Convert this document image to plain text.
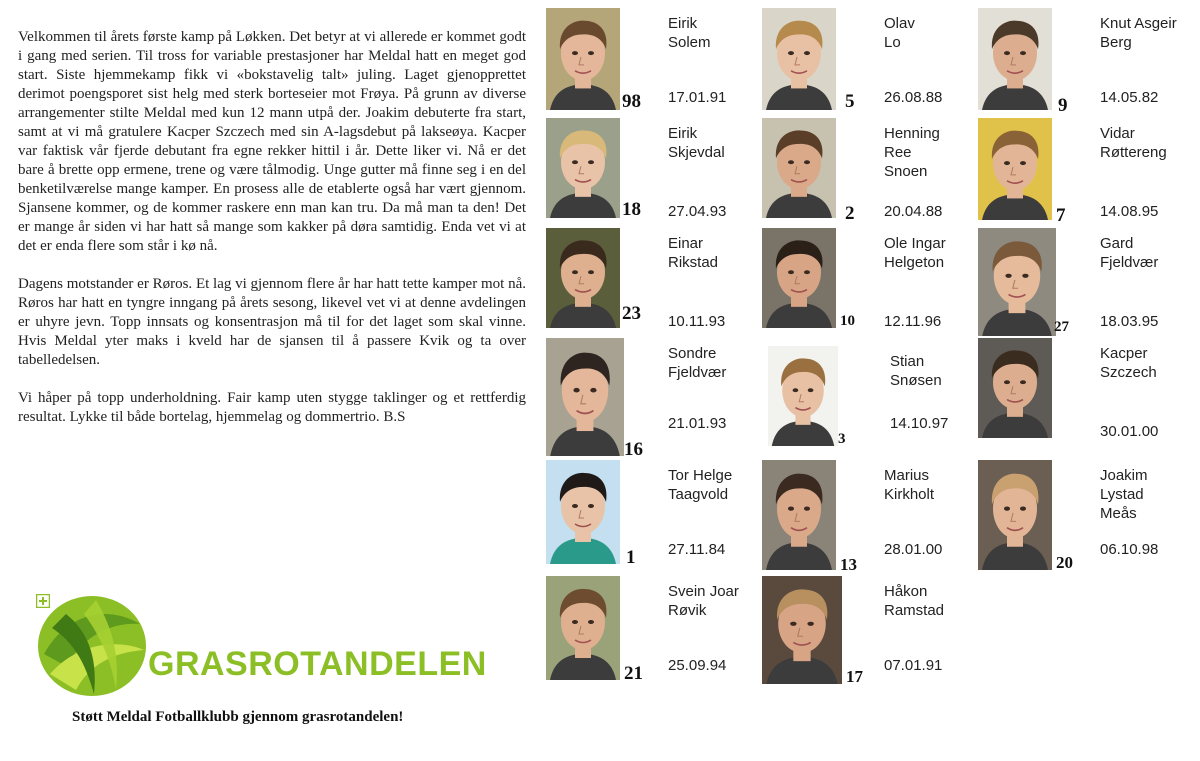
Velkommen til årets første kamp på Løkken. Det betyr at vi allerede er kommet godt i gang med serien. Til tross for variable prestasjoner har Meldal hatt en meget god start. Siste hjemmekamp fikk vi «bokstavelig talt» juling. Laget gjenopprettet derimot poengsporet sist helg med sterk borteseier mot Frøya. På grunn av diverse arrangementer stilte Meldal med kun 12 mann utpå der. Joakim debuterte fra start, samt at vi må gratulere Kacper Szczech med sin A-lagsdebut på lakseøya. Kacper var faktisk vår fjerde debutant fra egne rekker hittil i år. Dette liker vi. Nå er det bare å brette opp ermene, trene og være tålmodig. Unge gutter må finne seg i en del benketilværelse mange kamper. En prosess alle de etablerte også har vært gjennom. Sjansene kommer, og de kommer raskere enn man kan tru. Da må man ta den! Det er mange år siden vi har hatt så mange som kakker på døra samtidig. Enda vet vi at det er enda flere som står i kø nå.

Dagens motstander er Røros. Et lag vi gjennom flere år har hatt tette kamper mot nå. Røros har hatt en tyngre inngang på årets sesong, likevel vet vi at denne avdelingen er uhyre jevn. Topp innsats og konsentrasjon må til for det laget som skal vinne. Hvis Meldal yter maks i kveld har de sjansen til å passere Kvik og ta over tabelledelsen.

Vi håper på topp underholdning. Fair kamp uten stygge taklinger og et rettferdig resultat. Lykke til både bortelag, hjemmelag og dommertrio. B.S

GRASROTANDELEN
Støtt Meldal Fotballklubb gjennom grasrotandelen!
98
Eirik
Solem
17.01.91	5
Olav
Lo
26.08.88	9
Knut Asgeir
Berg
14.05.82
18
Eirik
Skjevdal
27.04.93	2
Henning
Ree
Snoen
20.04.88	7
Vidar
Røttereng
14.08.95
23
Einar
Rikstad
10.11.93	10
Ole Ingar
Helgeton
12.11.96	27
Gard
Fjeldvær
18.03.95
16
Sondre
Fjeldvær
21.01.93
3
Stian
Snøsen
14.10.97
Kacper
Szczech
30.01.00
1
Tor Helge
Taagvold
27.11.84
13
Marius
Kirkholt
28.01.00
20
Joakim
Lystad
Meås
06.10.98
21
Svein Joar
Røvik
25.09.94
17
Håkon
Ramstad
07.01.91
